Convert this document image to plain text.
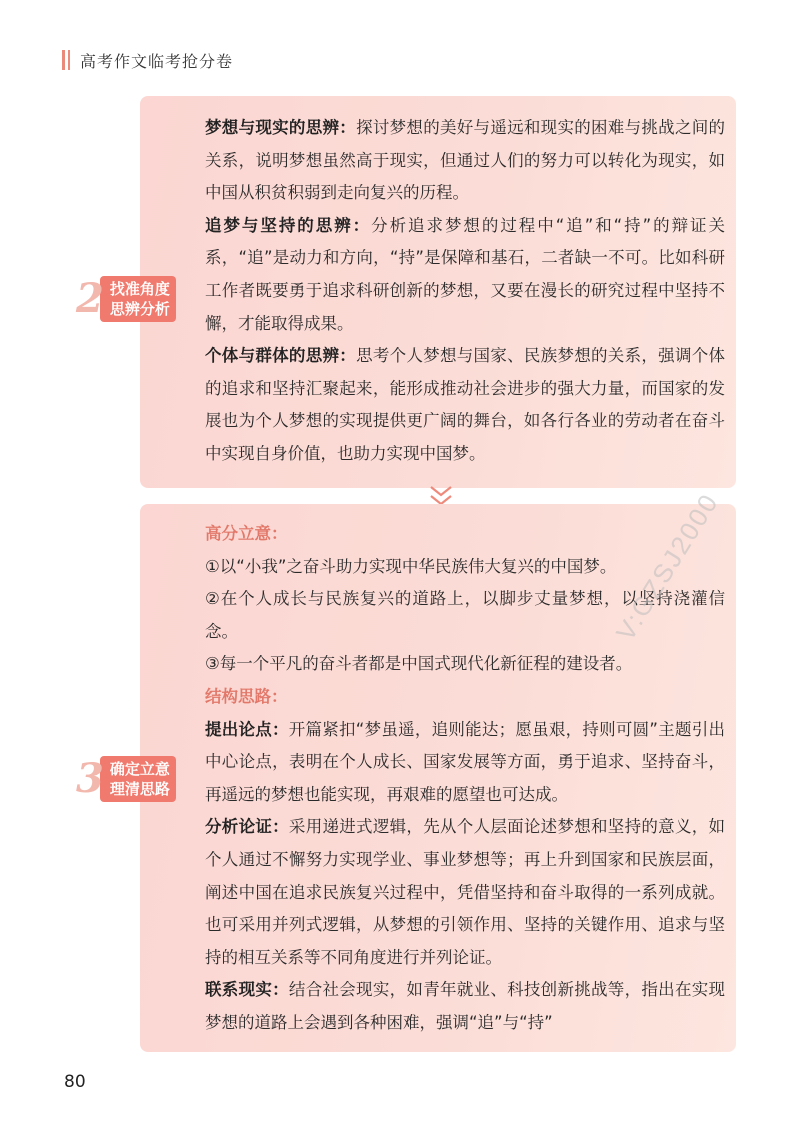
高考作文临考抢分卷
2 找准角度
思辨分析

梦想与现实的思辨：探讨梦想的美好与遥远和现实的困难与挑战之间的关系，说明梦想虽然高于现实，但通过人们的努力可以转化为现实，如中国从积贫积弱到走向复兴的历程。

追梦与坚持的思辨：分析追求梦想的过程中“追”和“持”的辩证关系，“追”是动力和方向，“持”是保障和基石，二者缺一不可。比如科研工作者既要勇于追求科研创新的梦想，又要在漫长的研究过程中坚持不懈，才能取得成果。

个体与群体的思辨：思考个人梦想与国家、民族梦想的关系，强调个体的追求和坚持汇聚起来，能形成推动社会进步的强大力量，而国家的发展也为个人梦想的实现提供更广阔的舞台，如各行各业的劳动者在奋斗中实现自身价值，也助力实现中国梦。

3 确定立意
理清思路

高分立意：

①以“小我”之奋斗助力实现中华民族伟大复兴的中国梦。

②在个人成长与民族复兴的道路上，以脚步丈量梦想，以坚持浇灌信念。

③每一个平凡的奋斗者都是中国式现代化新征程的建设者。

结构思路：

提出论点：开篇紧扣“梦虽遥，追则能达；愿虽艰，持则可圆”主题引出中心论点，表明在个人成长、国家发展等方面，勇于追求、坚持奋斗，再遥远的梦想也能实现，再艰难的愿望也可达成。

分析论证：采用递进式逻辑，先从个人层面论述梦想和坚持的意义，如个人通过不懈努力实现学业、事业梦想等；再上升到国家和民族层面，阐述中国在追求民族复兴过程中，凭借坚持和奋斗取得的一系列成就。也可采用并列式逻辑，从梦想的引领作用、坚持的关键作用、追求与坚持的相互关系等不同角度进行并列论证。

联系现实：结合社会现实，如青年就业、科技创新挑战等，指出在实现梦想的道路上会遇到各种困难，强调“追”与“持”

V:GZSJ2000
80
